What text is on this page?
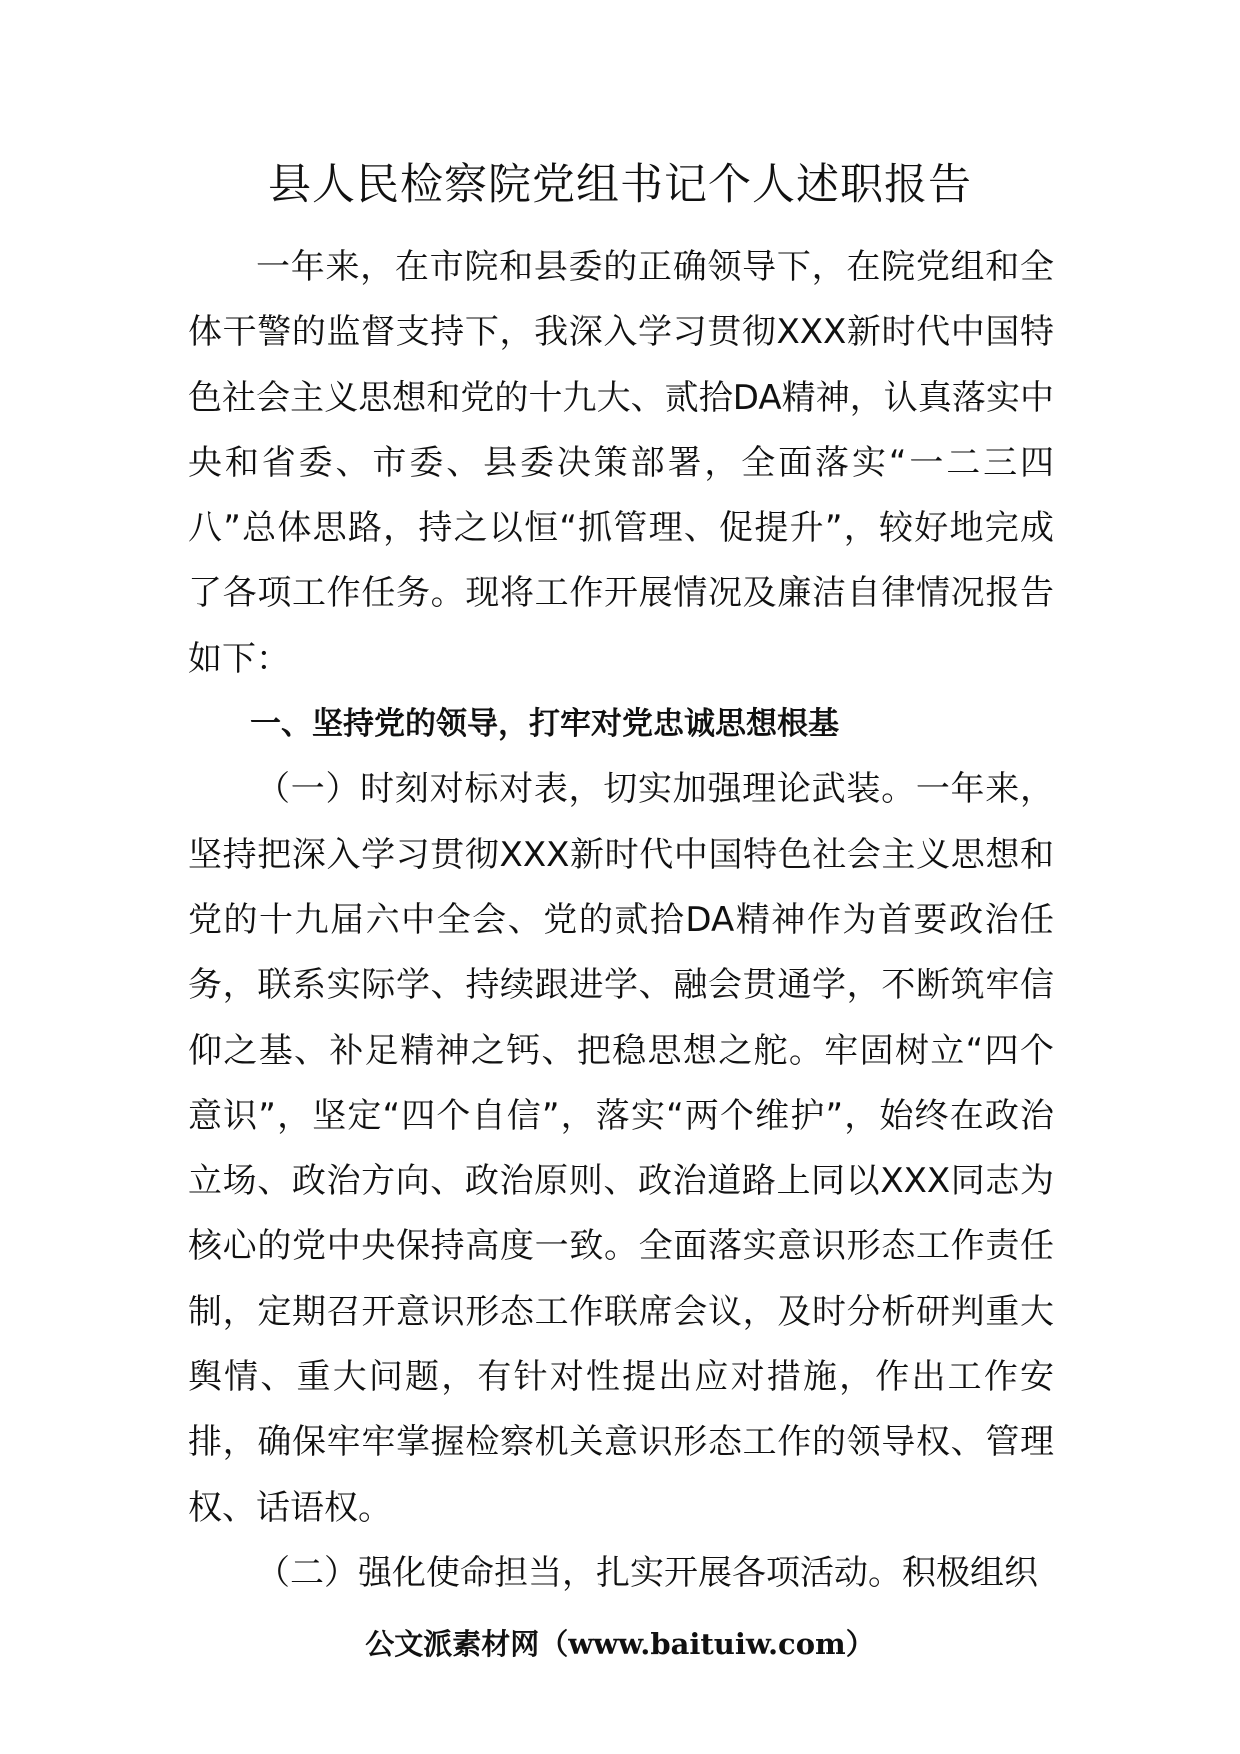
县人民检察院党组书记个人述职报告

一年来，在市院和县委的正确领导下，在院党组和全体干警的监督支持下，我深入学习贯彻XXX新时代中国特色社会主义思想和党的十九大、贰拾DA精神，认真落实中央和省委、市委、县委决策部署，全面落实“一二三四八”总体思路，持之以恒“抓管理、促提升”，较好地完成了各项工作任务。现将工作开展情况及廉洁自律情况报告如下：

一、坚持党的领导，打牢对党忠诚思想根基

（一）时刻对标对表，切实加强理论武装。一年来，坚持把深入学习贯彻XXX新时代中国特色社会主义思想和党的十九届六中全会、党的贰拾DA精神作为首要政治任务，联系实际学、持续跟进学、融会贯通学，不断筑牢信仰之基、补足精神之钙、把稳思想之舵。牢固树立“四个意识”，坚定“四个自信”，落实“两个维护”，始终在政治立场、政治方向、政治原则、政治道路上同以XXX同志为核心的党中央保持高度一致。全面落实意识形态工作责任制，定期召开意识形态工作联席会议，及时分析研判重大舆情、重大问题，有针对性提出应对措施，作出工作安排，确保牢牢掌握检察机关意识形态工作的领导权、管理权、话语权。

（二）强化使命担当，扎实开展各项活动。积极组织

公文派素材网（www.baituiw.com）
